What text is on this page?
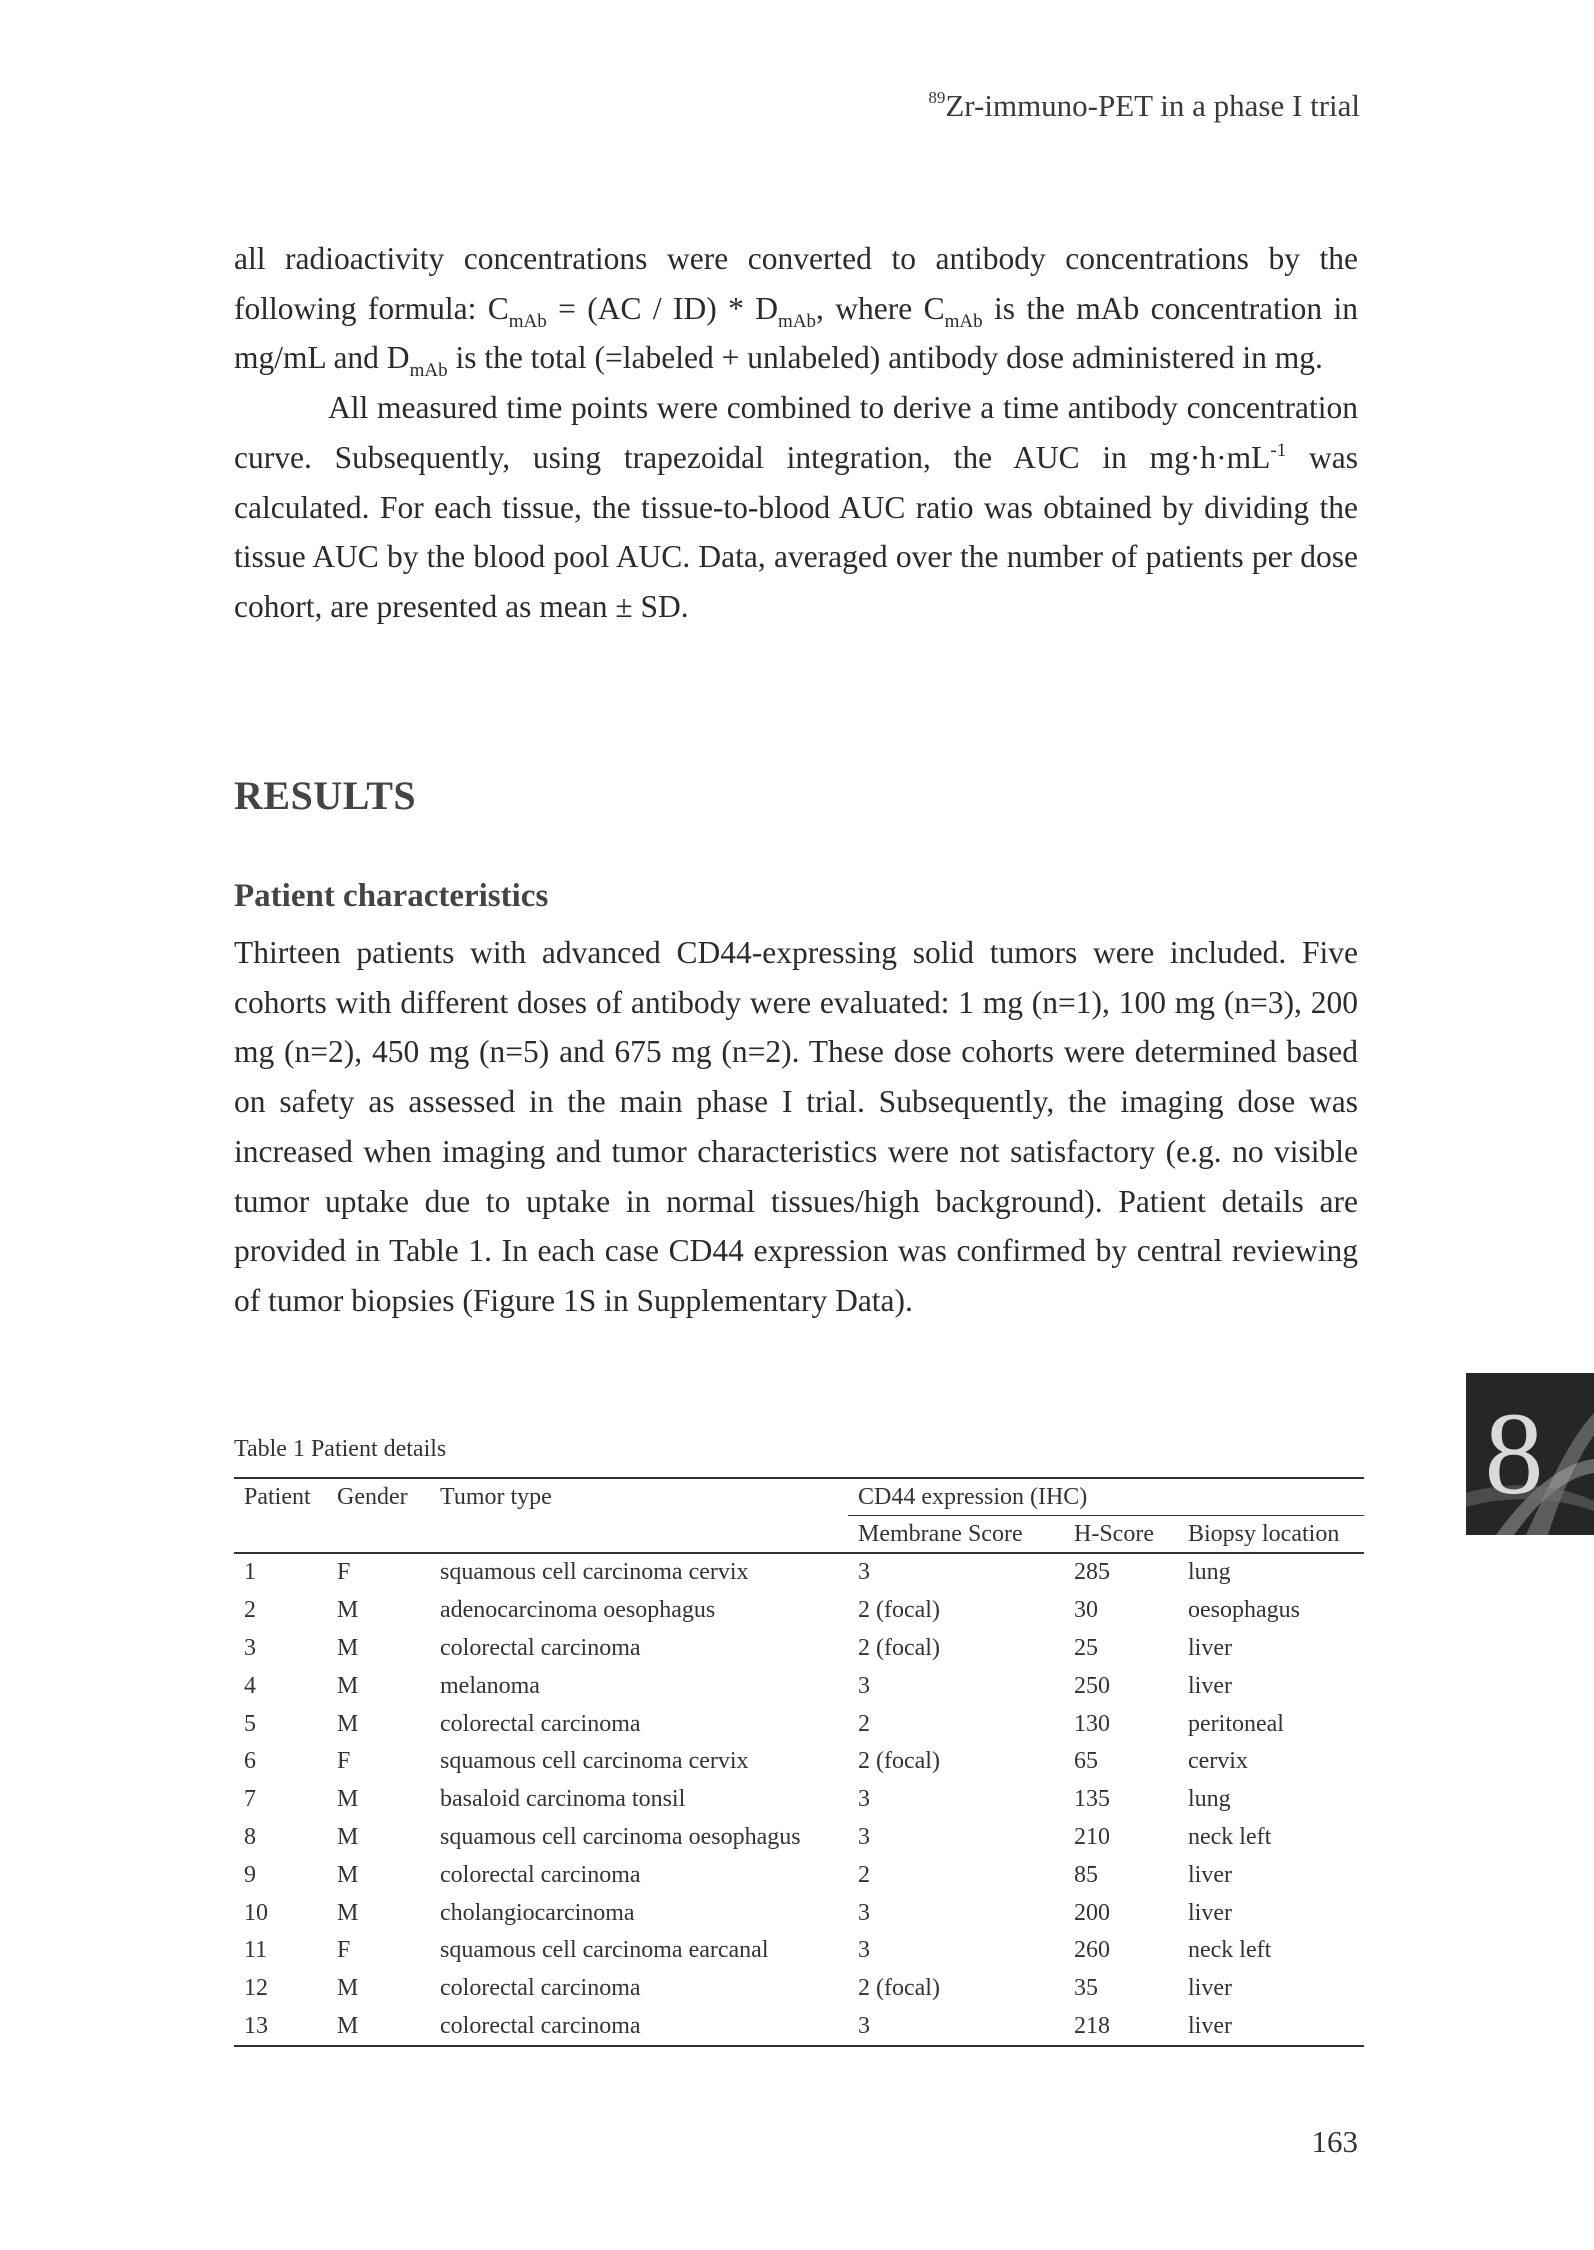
$^{89}$Zr-immuno-PET in a phase I trial

all radioactivity concentrations were converted to antibody concentrations by the following formula: $C_{mAb} = (AC / ID) * D_{mAb}$, where $C_{mAb}$ is the mAb concentration in mg/mL and $D_{mAb}$ is the total (=labeled + unlabeled) antibody dose administered in mg.

All measured time points were combined to derive a time antibody concentration curve. Subsequently, using trapezoidal integration, the AUC in $mg\cdot h\cdot mL^{-1}$ was calculated. For each tissue, the tissue-to-blood AUC ratio was obtained by dividing the tissue AUC by the blood pool AUC. Data, averaged over the number of patients per dose cohort, are presented as mean ± SD.

RESULTS
Patient characteristics

Thirteen patients with advanced CD44-expressing solid tumors were included. Five cohorts with different doses of antibody were evaluated: 1 mg (n=1), 100 mg (n=3), 200 mg (n=2), 450 mg (n=5) and 675 mg (n=2). These dose cohorts were determined based on safety as assessed in the main phase I trial. Subsequently, the imaging dose was increased when imaging and tumor characteristics were not satisfactory (e.g. no visible tumor uptake due to uptake in normal tissues/high background). Patient details are provided in Table 1. In each case CD44 expression was confirmed by central reviewing of tumor biopsies (Figure 1S in Supplementary Data).

Table 1 Patient details
Patient	Gender	Tumor type	CD44 expression (IHC)		
			Membrane Score	H-Score	Biopsy location
1	F	squamous cell carcinoma cervix	3	285	lung
2	M	adenocarcinoma oesophagus	2 (focal)	30	oesophagus
3	M	colorectal carcinoma	2 (focal)	25	liver
4	M	melanoma	3	250	liver
5	M	colorectal carcinoma	2	130	peritoneal
6	F	squamous cell carcinoma cervix	2 (focal)	65	cervix
7	M	basaloid carcinoma tonsil	3	135	lung
8	M	squamous cell carcinoma oesophagus	3	210	neck left
9	M	colorectal carcinoma	2	85	liver
10	M	cholangiocarcinoma	3	200	liver
11	F	squamous cell carcinoma earcanal	3	260	neck left
12	M	colorectal carcinoma	2 (focal)	35	liver
13	M	colorectal carcinoma	3	218	liver
8
163
